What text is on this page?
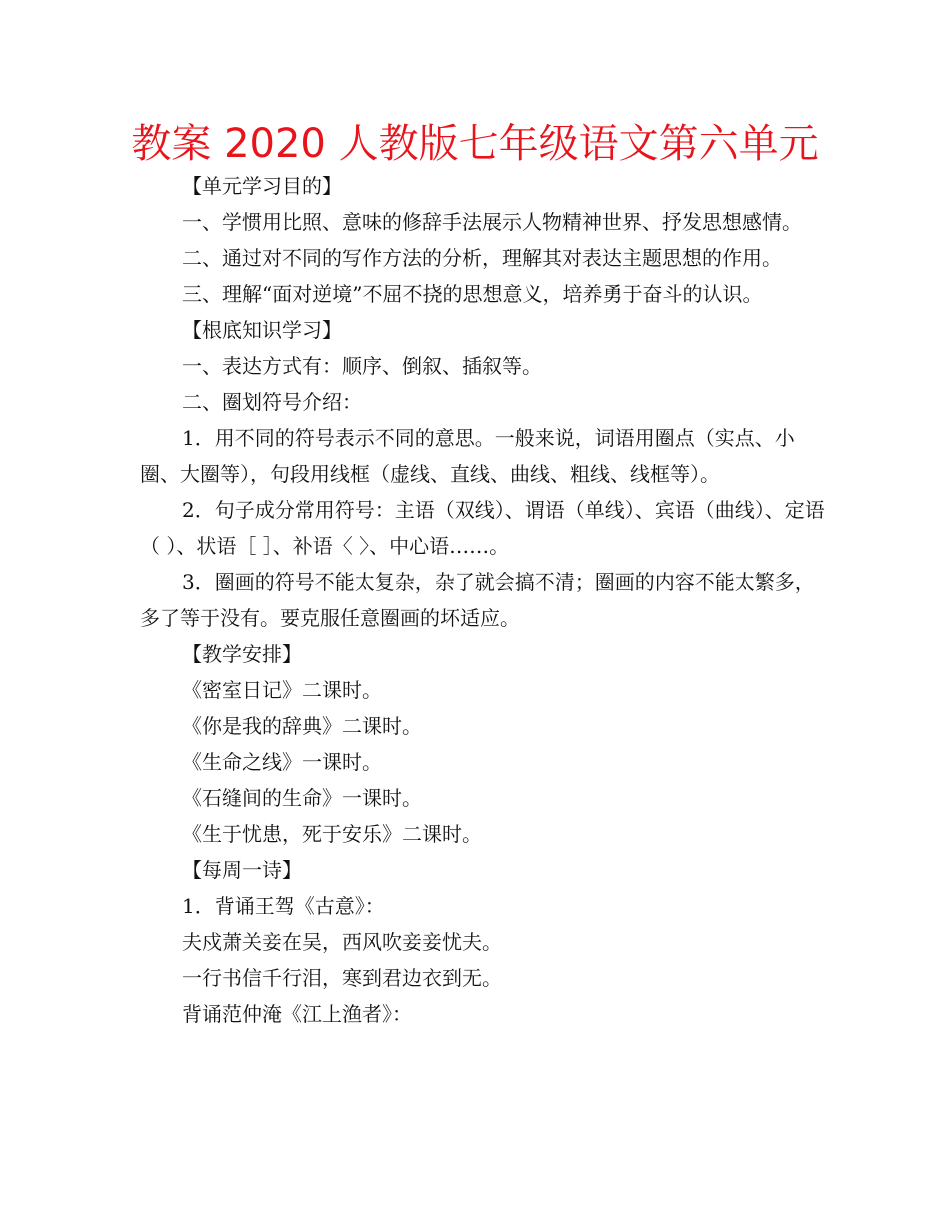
教案 2020 人教版七年级语文第六单元

【单元学习目的】

一、学惯用比照、意味的修辞手法展示人物精神世界、抒发思想感情。

二、通过对不同的写作方法的分析，理解其对表达主题思想的作用。

三、理解“面对逆境”不屈不挠的思想意义，培养勇于奋斗的认识。

【根底知识学习】

一、表达方式有：顺序、倒叙、插叙等。

二、圈划符号介绍：

1．用不同的符号表示不同的意思。一般来说，词语用圈点（实点、小圈、大圈等），句段用线框（虚线、直线、曲线、粗线、线框等）。

2．句子成分常用符号：主语（双线）、谓语（单线）、宾语（曲线）、定语（ ）、状语［ ］、补语〈 〉、中心语……。

3．圈画的符号不能太复杂，杂了就会搞不清；圈画的内容不能太繁多，多了等于没有。要克服任意圈画的坏适应。

【教学安排】

《密室日记》二课时。

《你是我的辞典》二课时。

《生命之线》一课时。

《石缝间的生命》一课时。

《生于忧患，死于安乐》二课时。

【每周一诗】

1．背诵王驾《古意》：

夫戍萧关妾在吴，西风吹妾妾忧夫。

一行书信千行泪，寒到君边衣到无。

背诵范仲淹《江上渔者》：
